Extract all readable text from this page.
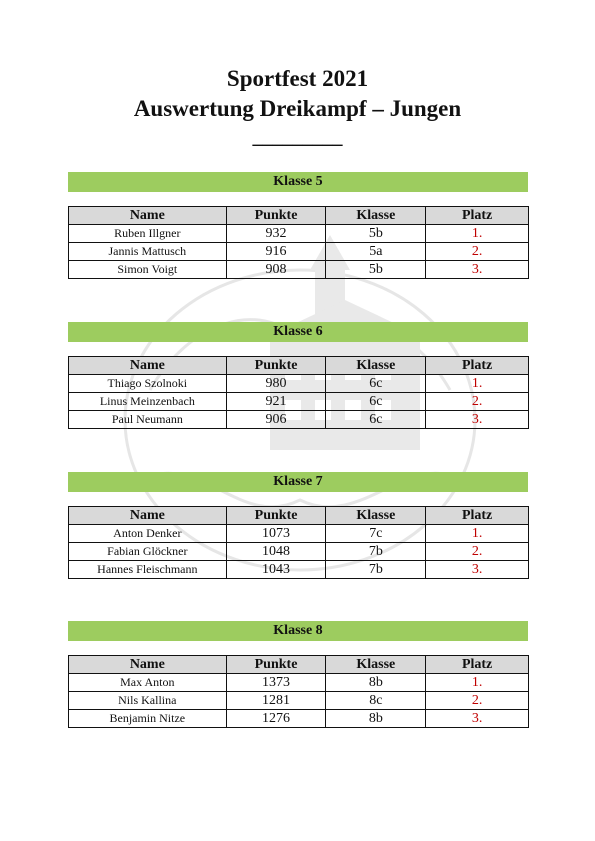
Sportfest 2021
Auswertung Dreikampf – Jungen
_________
Klasse 5
Name	Punkte	Klasse	Platz
Ruben Illgner	932	5b	1.
Jannis Mattusch	916	5a	2.
Simon Voigt	908	5b	3.
Klasse 6
Name	Punkte	Klasse	Platz
Thiago Szolnoki	980	6c	1.
Linus Meinzenbach	921	6c	2.
Paul Neumann	906	6c	3.
Klasse 7
Name	Punkte	Klasse	Platz
Anton Denker	1073	7c	1.
Fabian Glöckner	1048	7b	2.
Hannes Fleischmann	1043	7b	3.
Klasse 8
Name	Punkte	Klasse	Platz
Max Anton	1373	8b	1.
Nils Kallina	1281	8c	2.
Benjamin Nitze	1276	8b	3.
